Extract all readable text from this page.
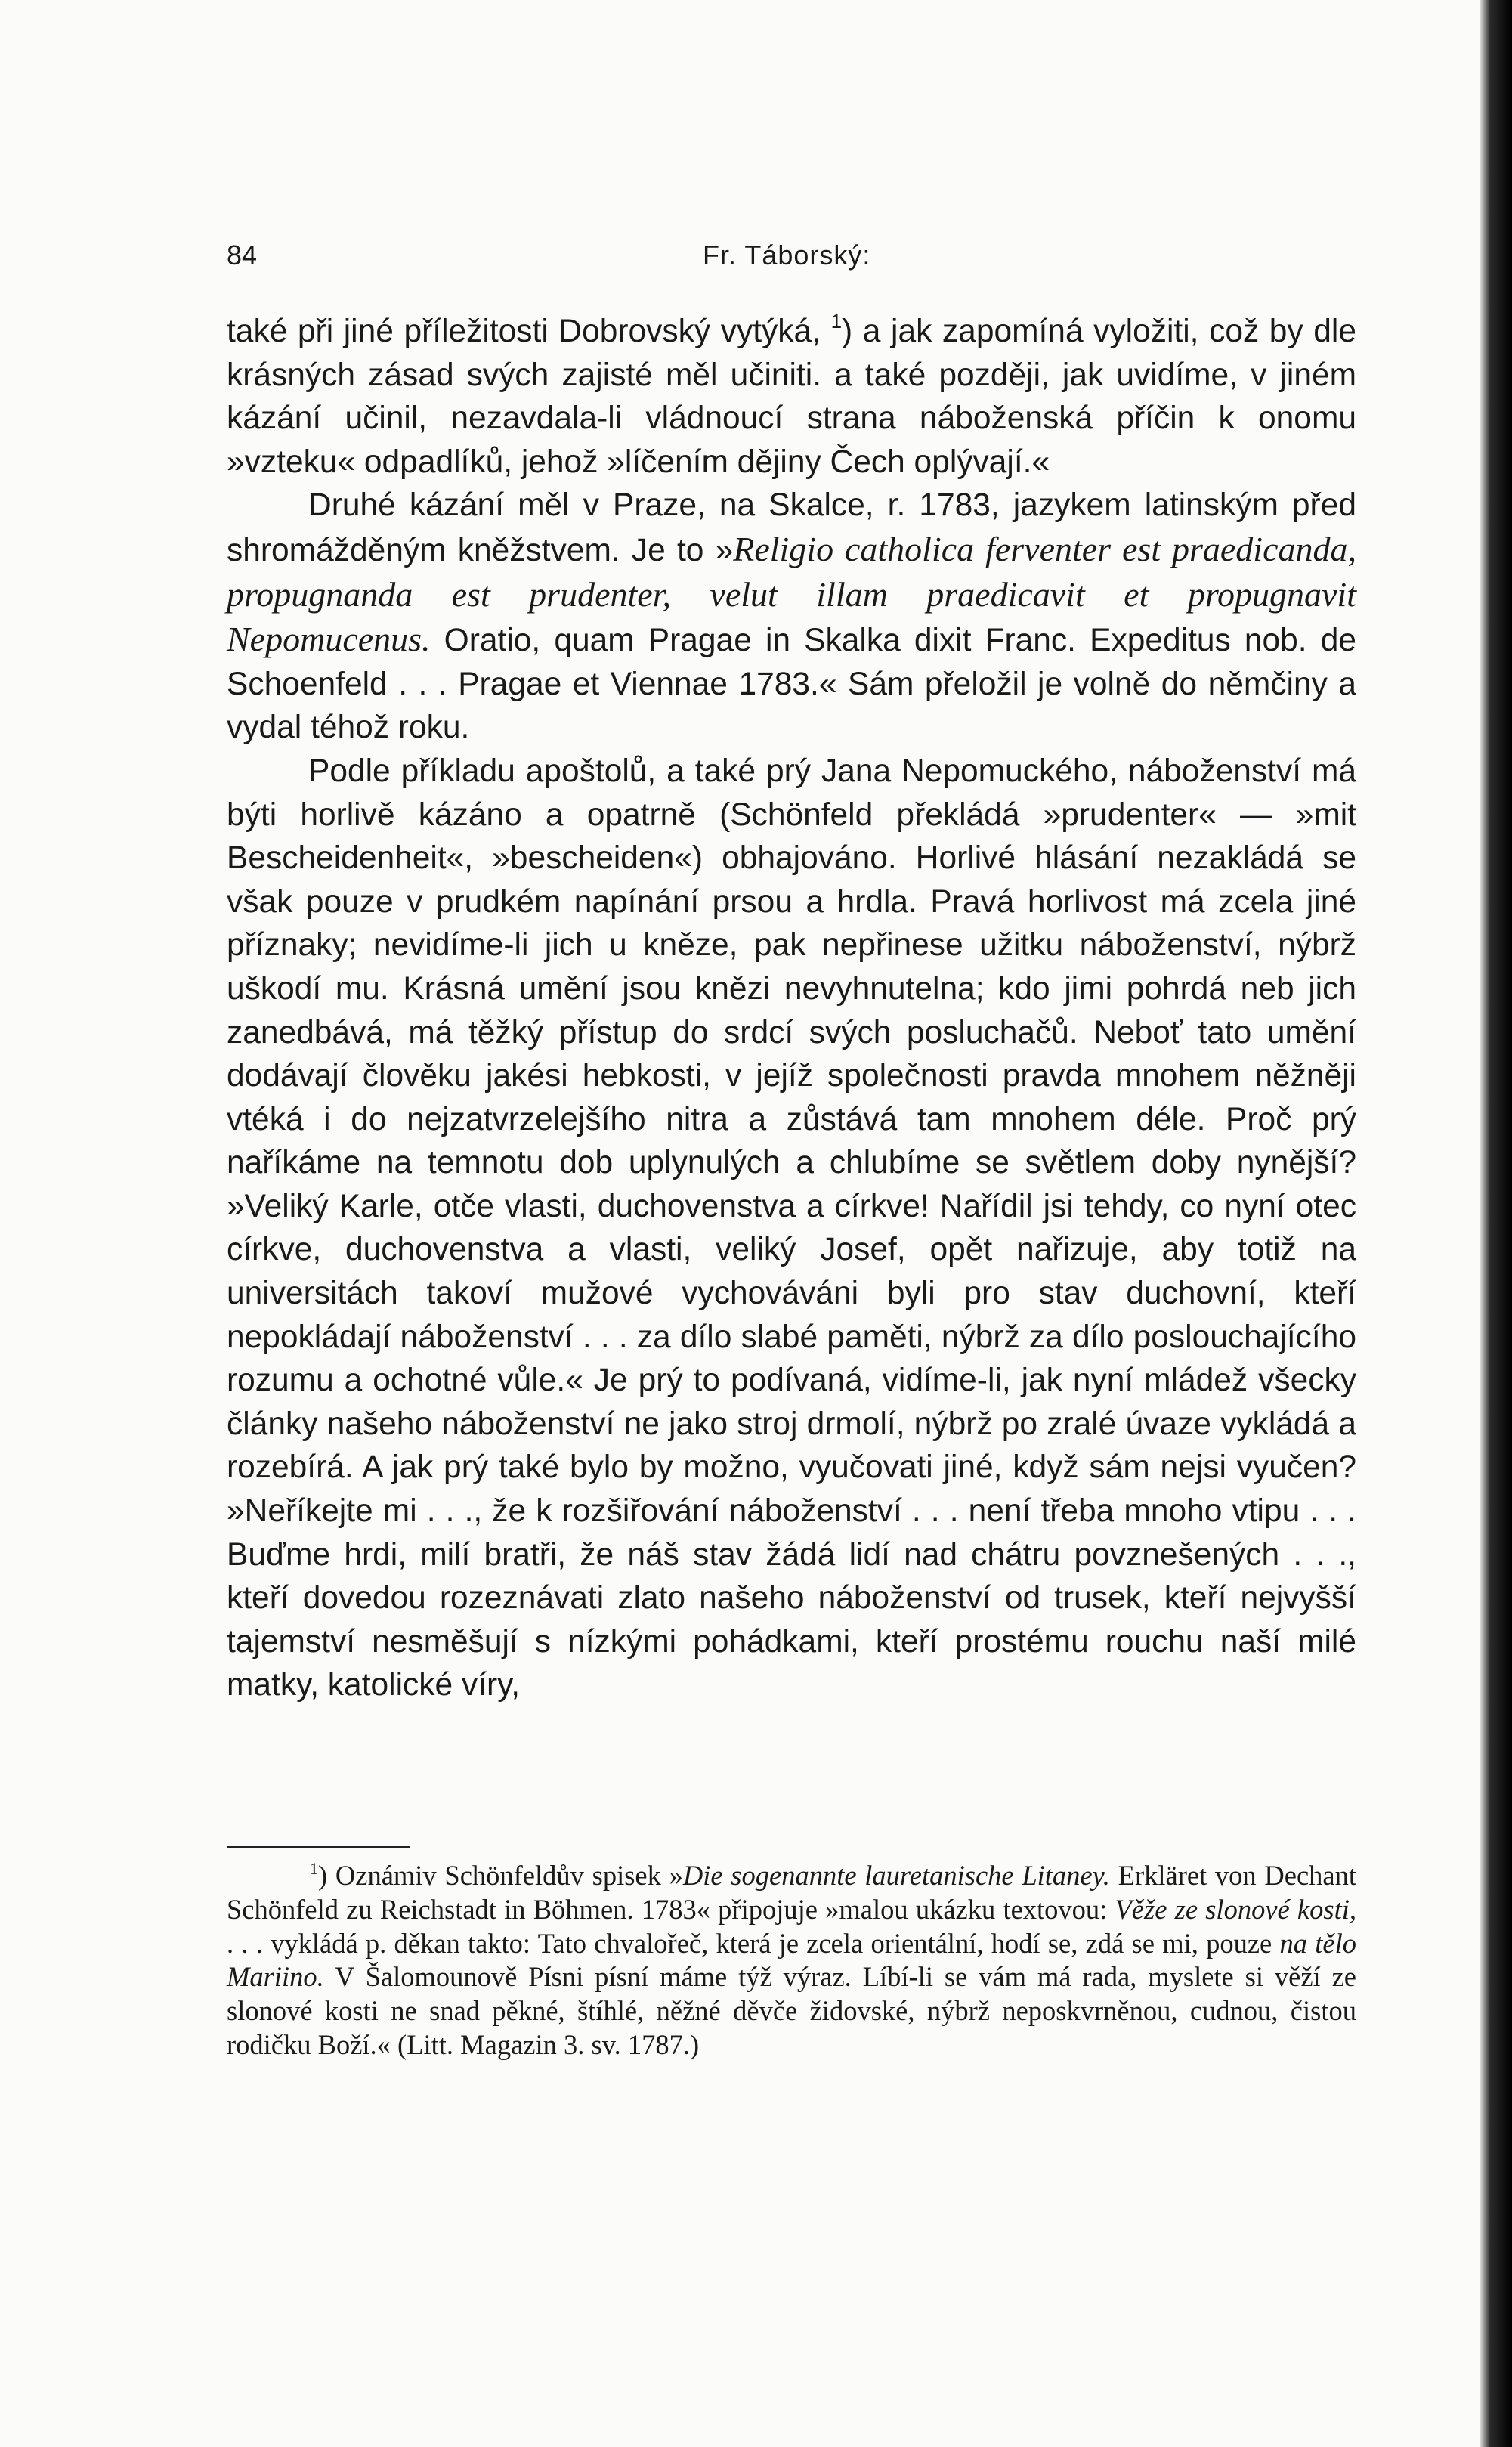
84	Fr. Táborský:

také při jiné příležitosti Dobrovský vytýká, $^1$) a jak zapomíná vyložiti, což by dle krásných zásad svých zajisté měl učiniti. a také později, jak uvidíme, v jiném kázání učinil, nezavdala-li vládnoucí strana náboženská příčin k onomu »vzteku« odpadlíků, jehož »líčením dějiny Čech oplývají.«

Druhé kázání měl v Praze, na Skalce, r. 1783, jazykem latinským před shromážděným kněžstvem. Je to »Religio catholica ferventer est praedicanda, propugnanda est prudenter, velut illam praedicavit et propugnavit Nepomucenus. Oratio, quam Pragae in Skalka dixit Franc. Expeditus nob. de Schoenfeld . . . Pragae et Viennae 1783.« Sám přeložil je volně do němčiny a vydal téhož roku.

Podle příkladu apoštolů, a také prý Jana Nepomuckého, náboženství má býti horlivě kázáno a opatrně (Schönfeld překládá »prudenter« — »mit Bescheidenheit«, »bescheiden«) obhajováno. Horlivé hlásání nezakládá se však pouze v prudkém napínání prsou a hrdla. Pravá horlivost má zcela jiné příznaky; nevidíme-li jich u kněze, pak nepřinese užitku náboženství, nýbrž uškodí mu. Krásná umění jsou knězi nevyhnutelna; kdo jimi pohrdá neb jich zanedbává, má těžký přístup do srdcí svých posluchačů. Neboť tato umění dodávají člověku jakési hebkosti, v jejíž společnosti pravda mnohem něžněji vtéká i do nejzatvrzelejšího nitra a zůstává tam mnohem déle. Proč prý naříkáme na temnotu dob uplynulých a chlubíme se světlem doby nynější? »Veliký Karle, otče vlasti, duchovenstva a církve! Nařídil jsi tehdy, co nyní otec církve, duchovenstva a vlasti, veliký Josef, opět nařizuje, aby totiž na universitách takoví mužové vychováváni byli pro stav duchovní, kteří nepokládají náboženství . . . za dílo slabé paměti, nýbrž za dílo poslouchajícího rozumu a ochotné vůle.« Je prý to podívaná, vidíme-li, jak nyní mládež všecky články našeho náboženství ne jako stroj drmolí, nýbrž po zralé úvaze vykládá a rozebírá. A jak prý také bylo by možno, vyučovati jiné, když sám nejsi vyučen? »Neříkejte mi . . ., že k rozšiřování náboženství . . . není třeba mnoho vtipu . . . Buďme hrdi, milí bratři, že náš stav žádá lidí nad chátru povznešených . . ., kteří dovedou rozeznávati zlato našeho náboženství od trusek, kteří nejvyšší tajemství nesměšují s nízkými pohádkami, kteří prostému rouchu naší milé matky, katolické víry,

$^1$) Oznámiv Schönfeldův spisek »Die sogenannte lauretanische Litaney. Erkläret von Dechant Schönfeld zu Reichstadt in Böhmen. 1783« připojuje »malou ukázku textovou: Věže ze slonové kosti, . . . vykládá p. děkan takto: Tato chvalořeč, která je zcela orientální, hodí se, zdá se mi, pouze na tělo Mariino. V Šalomounově Písni písní máme týž výraz. Líbí-li se vám má rada, myslete si věží ze slonové kosti ne snad pěkné, štíhlé, něžné děvče židovské, nýbrž neposkvrněnou, cudnou, čistou rodičku Boží.« (Litt. Magazin 3. sv. 1787.)
